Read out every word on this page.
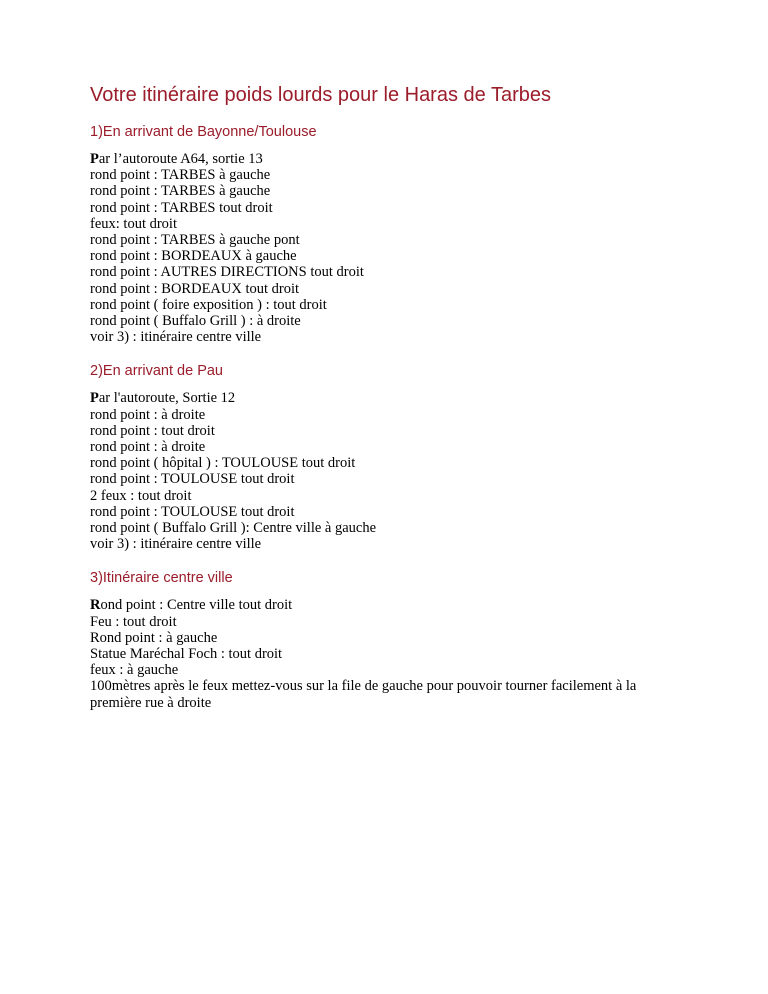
Votre itinéraire poids lourds pour le Haras de Tarbes
1)En arrivant de Bayonne/Toulouse
Par l’autoroute A64, sortie 13
rond point : TARBES à gauche
rond point : TARBES à gauche
rond point : TARBES tout droit
feux: tout droit
rond point : TARBES à gauche pont
rond point : BORDEAUX à gauche
rond point : AUTRES DIRECTIONS tout droit
rond point : BORDEAUX tout droit
rond point ( foire exposition ) : tout droit
rond point ( Buffalo Grill ) : à droite
voir 3) : itinéraire centre ville
2)En arrivant de Pau
Par l'autoroute, Sortie 12
rond point : à droite
rond point : tout droit
rond point : à droite
rond point ( hôpital ) : TOULOUSE tout droit
rond point : TOULOUSE tout droit
2 feux : tout droit
rond point : TOULOUSE tout droit
rond point ( Buffalo Grill ): Centre ville à gauche
voir 3) : itinéraire centre ville
3)Itinéraire centre ville
Rond point : Centre ville tout droit
Feu : tout droit
Rond point : à gauche
Statue Maréchal Foch : tout droit
feux : à gauche
100mètres après le feux mettez-vous sur la file de gauche pour pouvoir tourner facilement à la
première rue à droite
